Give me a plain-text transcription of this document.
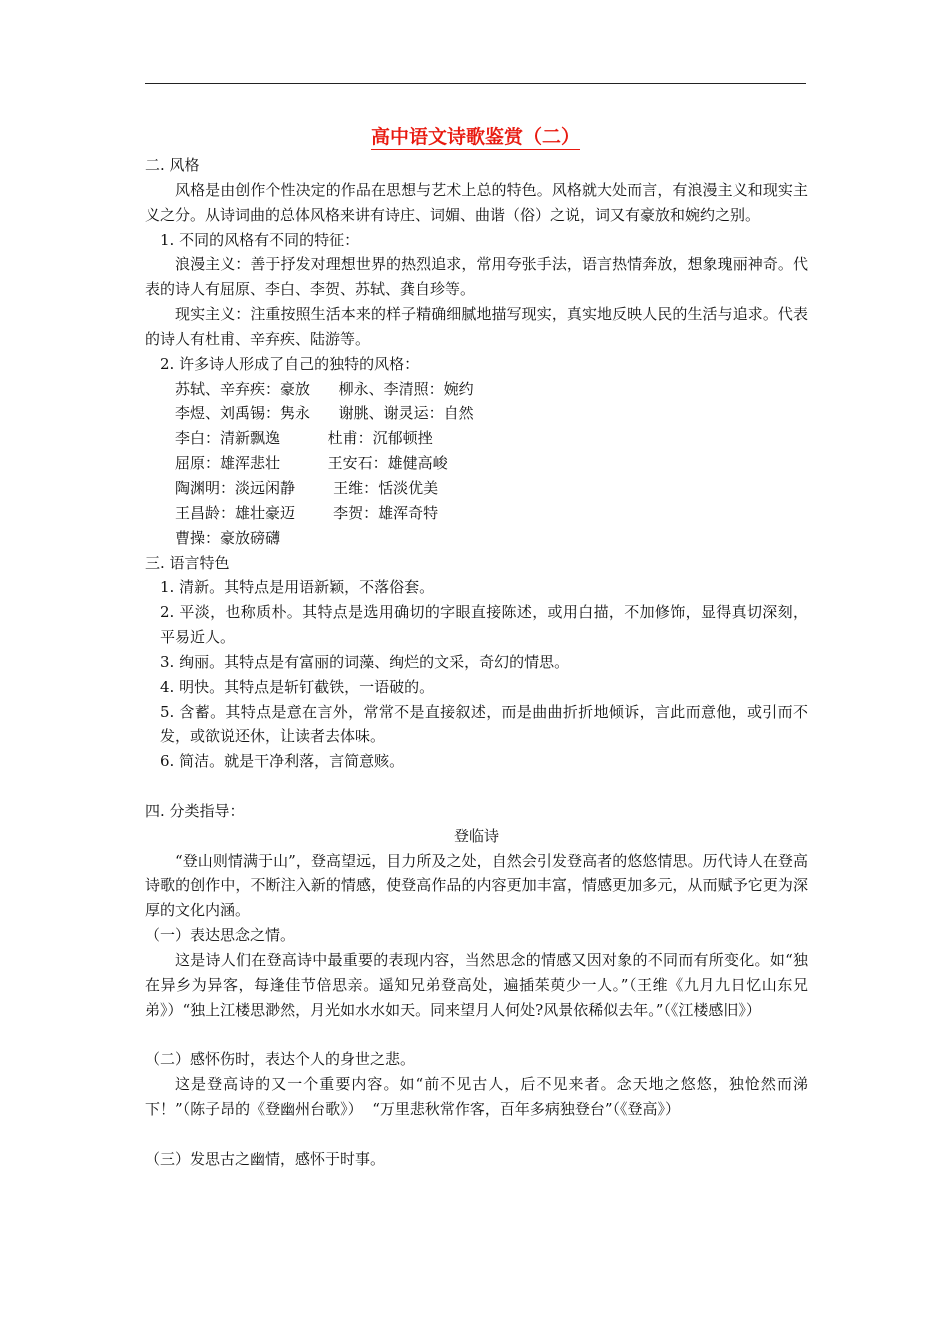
高中语文诗歌鉴赏（二）

二. 风格

风格是由创作个性决定的作品在思想与艺术上总的特色。风格就大处而言，有浪漫主义和现实主义之分。从诗词曲的总体风格来讲有诗庄、词媚、曲谐（俗）之说，词又有豪放和婉约之别。

1. 不同的风格有不同的特征：

浪漫主义：善于抒发对理想世界的热烈追求，常用夸张手法，语言热情奔放，想象瑰丽神奇。代表的诗人有屈原、李白、李贺、苏轼、龚自珍等。

现实主义：注重按照生活本来的样子精确细腻地描写现实，真实地反映人民的生活与追求。代表的诗人有杜甫、辛弃疾、陆游等。

2. 许多诗人形成了自己的独特的风格：

苏轼、辛弃疾：豪放      柳永、李清照：婉约

李煜、刘禹锡：隽永      谢朓、谢灵运：自然

李白：清新飘逸          杜甫：沉郁顿挫

屈原：雄浑悲壮          王安石：雄健高峻

陶渊明：淡远闲静        王维：恬淡优美

王昌龄：雄壮豪迈        李贺：雄浑奇特

曹操：豪放磅礴

三. 语言特色

1. 清新。其特点是用语新颖，不落俗套。

2. 平淡，也称质朴。其特点是选用确切的字眼直接陈述，或用白描，不加修饰，显得真切深刻，平易近人。

3. 绚丽。其特点是有富丽的词藻、绚烂的文采，奇幻的情思。

4. 明快。其特点是斩钉截铁，一语破的。

5. 含蓄。其特点是意在言外，常常不是直接叙述，而是曲曲折折地倾诉，言此而意他，或引而不发，或欲说还休，让读者去体味。

6. 简洁。就是干净利落，言简意赅。

四. 分类指导：

登临诗

“登山则情满于山”，登高望远，目力所及之处，自然会引发登高者的悠悠情思。历代诗人在登高诗歌的创作中，不断注入新的情感，使登高作品的内容更加丰富，情感更加多元，从而赋予它更为深厚的文化内涵。

（一）表达思念之情。

这是诗人们在登高诗中最重要的表现内容，当然思念的情感又因对象的不同而有所变化。如“独在异乡为异客，每逢佳节倍思亲。遥知兄弟登高处，遍插茱萸少一人。”（王维《九月九日忆山东兄弟》）“独上江楼思渺然，月光如水水如天。同来望月人何处?风景依稀似去年。”（《江楼感旧》）

（二）感怀伤时，表达个人的身世之悲。

这是登高诗的又一个重要内容。如“前不见古人，后不见来者。念天地之悠悠，独怆然而涕下！”（陈子昂的《登幽州台歌》）  “万里悲秋常作客，百年多病独登台”（《登高》）

（三）发思古之幽情，感怀于时事。
